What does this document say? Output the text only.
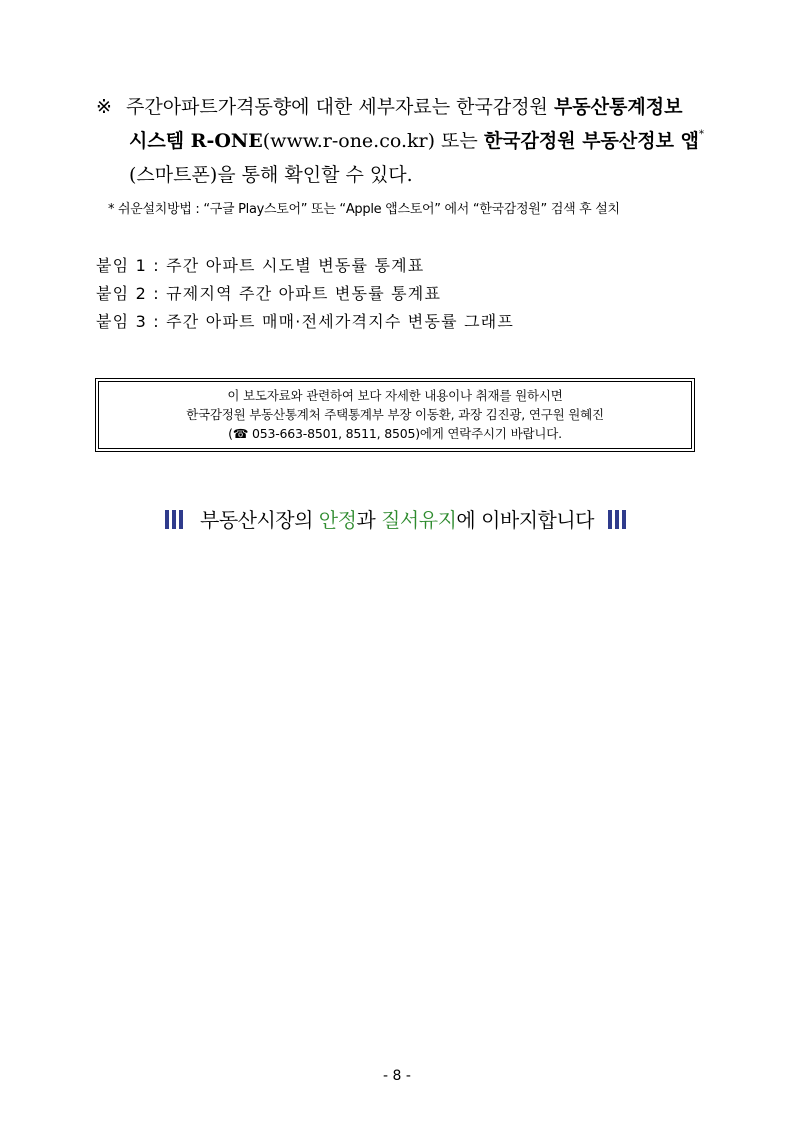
※ 주간아파트가격동향에 대한 세부자료는 한국감정원 부동산통계정보
시스템 R-ONE(www.r-one.co.kr) 또는 한국감정원 부동산정보 앱*
(스마트폰)을 통해 확인할 수 있다.
* 쉬운설치방법 : “구글 Play스토어” 또는 “Apple 앱스토어” 에서 “한국감정원” 검색 후 설치
붙임 1 : 주간 아파트 시도별 변동률 통계표
붙임 2 : 규제지역 주간 아파트 변동률 통계표
붙임 3 : 주간 아파트 매매·전세가격지수 변동률 그래프
이 보도자료와 관련하여 보다 자세한 내용이나 취재를 원하시면
한국감정원 부동산통계처 주택통계부 부장 이동환, 과장 김진광, 연구원 원혜진
(☎ 053-663-8501, 8511, 8505)에게 연락주시기 바랍니다.
부동산시장의 안정과 질서유지에 이바지합니다
- 8 -
